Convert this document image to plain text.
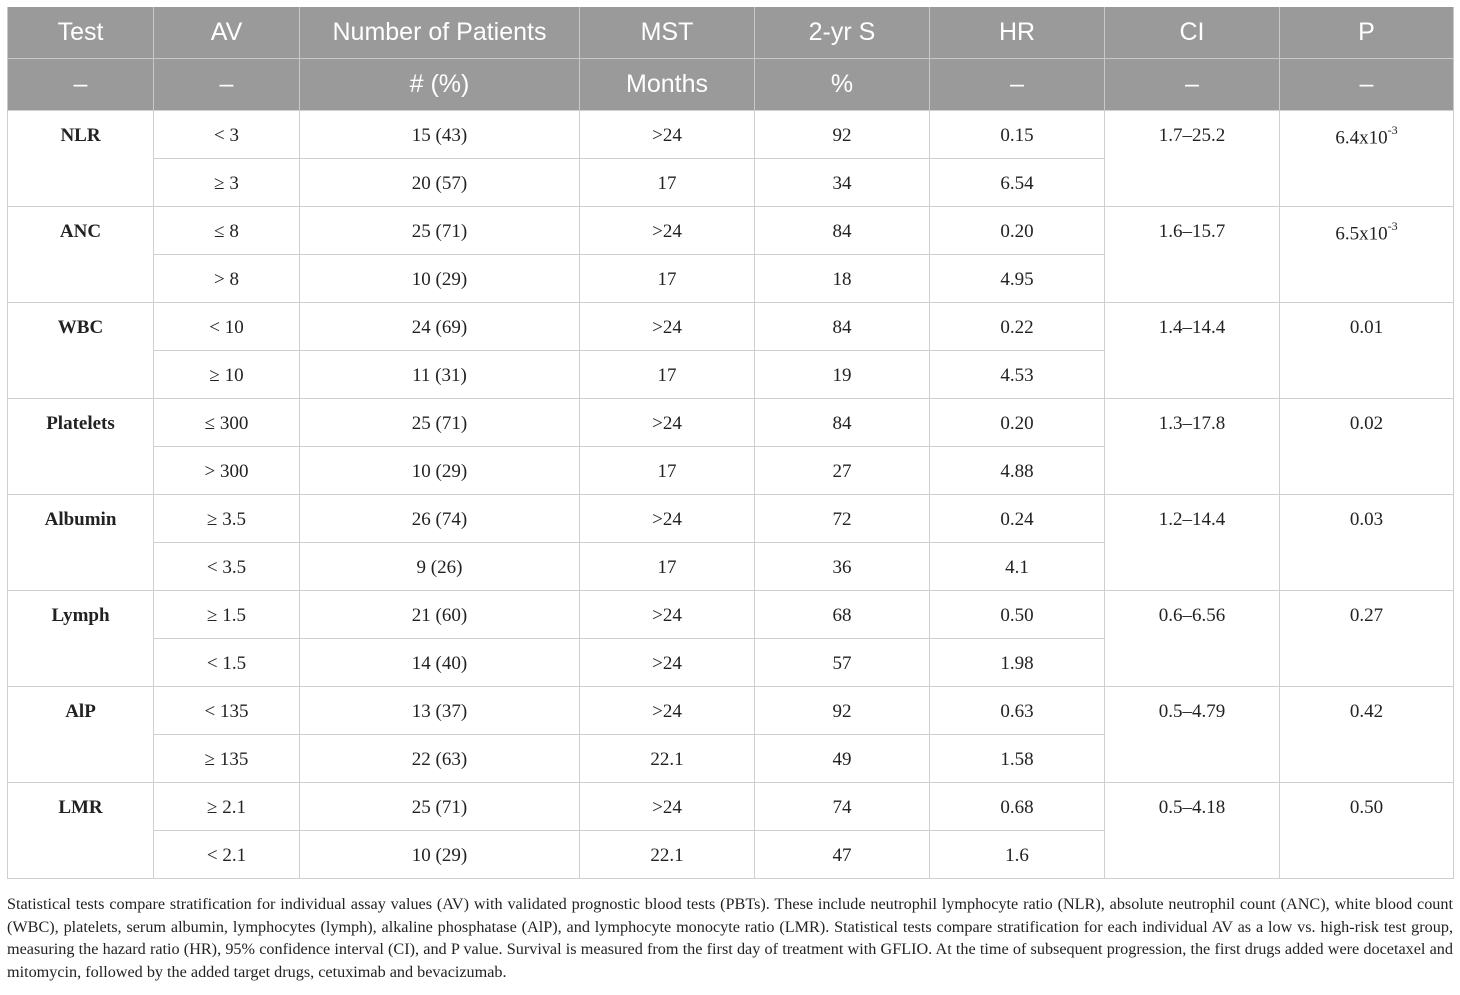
Test	AV	Number of Patients	MST	2-yr S	HR	CI	P
–	–	# (%)	Months	%	–	–	–
NLR	< 3	15 (43)	>24	92	0.15	1.7–25.2	$6.4x10^{-3}$
	≥ 3	20 (57)	17	34	6.54		
ANC	≤ 8	25 (71)	>24	84	0.20	1.6–15.7	$6.5x10^{-3}$
	> 8	10 (29)	17	18	4.95		
WBC	< 10	24 (69)	>24	84	0.22	1.4–14.4	0.01
	≥ 10	11 (31)	17	19	4.53		
Platelets	≤ 300	25 (71)	>24	84	0.20	1.3–17.8	0.02
	> 300	10 (29)	17	27	4.88		
Albumin	≥ 3.5	26 (74)	>24	72	0.24	1.2–14.4	0.03
	< 3.5	9 (26)	17	36	4.1		
Lymph	≥ 1.5	21 (60)	>24	68	0.50	0.6–6.56	0.27
	< 1.5	14 (40)	>24	57	1.98		
AlP	< 135	13 (37)	>24	92	0.63	0.5–4.79	0.42
	≥ 135	22 (63)	22.1	49	1.58		
LMR	≥ 2.1	25 (71)	>24	74	0.68	0.5–4.18	0.50
	< 2.1	10 (29)	22.1	47	1.6		

Statistical tests compare stratification for individual assay values (AV) with validated prognostic blood tests (PBTs). These include neutrophil lymphocyte ratio (NLR), absolute neutrophil count (ANC), white blood count (WBC), platelets, serum albumin, lymphocytes (lymph), alkaline phosphatase (AlP), and lymphocyte monocyte ratio (LMR). Statistical tests compare stratification for each individual AV as a low vs. high-risk test group, measuring the hazard ratio (HR), 95% confidence interval (CI), and P value. Survival is measured from the first day of treatment with GFLIO. At the time of subsequent progression, the first drugs added were docetaxel and mitomycin, followed by the added target drugs, cetuximab and bevacizumab.
